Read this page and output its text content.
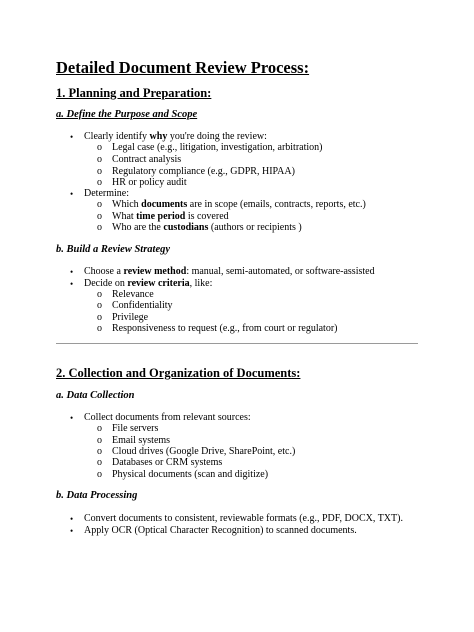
Detailed Document Review Process:
1. Planning and Preparation:
a. Define the Purpose and Scope
• Clearly identify why you're doing the review:
o Legal case (e.g., litigation, investigation, arbitration)
o Contract analysis
o Regulatory compliance (e.g., GDPR, HIPAA)
o HR or policy audit
• Determine:
o Which documents are in scope (emails, contracts, reports, etc.)
o What time period is covered
o Who are the custodians (authors or recipients )
b. Build a Review Strategy
• Choose a review method: manual, semi-automated, or software-assisted
• Decide on review criteria, like:
o Relevance
o Confidentiality
o Privilege
o Responsiveness to request (e.g., from court or regulator)
2. Collection and Organization of Documents:
a. Data Collection
• Collect documents from relevant sources:
o File servers
o Email systems
o Cloud drives (Google Drive, SharePoint, etc.)
o Databases or CRM systems
o Physical documents (scan and digitize)
b. Data Processing
• Convert documents to consistent, reviewable formats (e.g., PDF, DOCX, TXT).
• Apply OCR (Optical Character Recognition) to scanned documents.
